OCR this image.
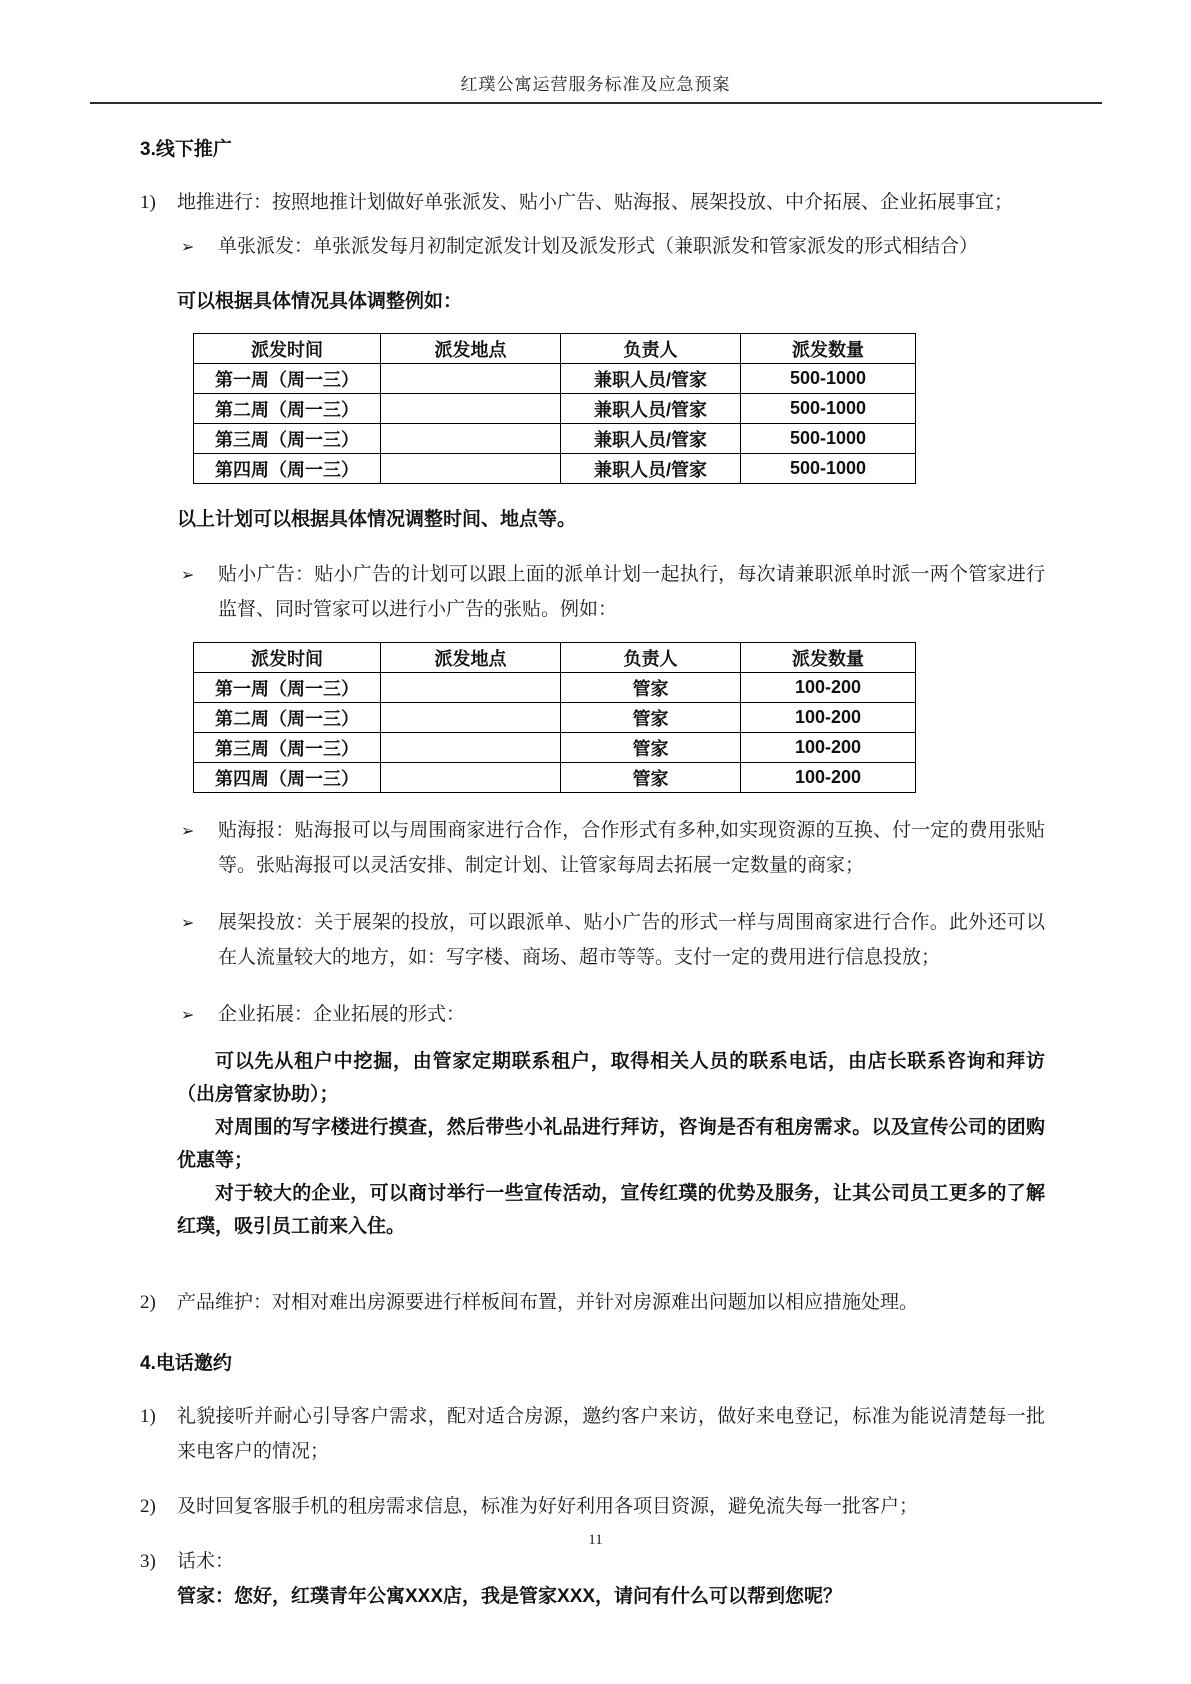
红璞公寓运营服务标准及应急预案
3.线下推广
1)	地推进行：按照地推计划做好单张派发、贴小广告、贴海报、展架投放、中介拓展、企业拓展事宜；
➢	单张派发：单张派发每月初制定派发计划及派发形式（兼职派发和管家派发的形式相结合）
可以根据具体情况具体调整例如：
派发时间	派发地点	负责人	派发数量
第一周（周一三）		兼职人员/管家	500-1000
第二周（周一三）		兼职人员/管家	500-1000
第三周（周一三）		兼职人员/管家	500-1000
第四周（周一三）		兼职人员/管家	500-1000
以上计划可以根据具体情况调整时间、地点等。
➢	贴小广告：贴小广告的计划可以跟上面的派单计划一起执行，每次请兼职派单时派一两个管家进行监督、同时管家可以进行小广告的张贴。例如：
派发时间	派发地点	负责人	派发数量
第一周（周一三）		管家	100-200
第二周（周一三）		管家	100-200
第三周（周一三）		管家	100-200
第四周（周一三）		管家	100-200
➢	贴海报：贴海报可以与周围商家进行合作，合作形式有多种,如实现资源的互换、付一定的费用张贴等。张贴海报可以灵活安排、制定计划、让管家每周去拓展一定数量的商家；
➢	展架投放：关于展架的投放，可以跟派单、贴小广告的形式一样与周围商家进行合作。此外还可以在人流量较大的地方，如：写字楼、商场、超市等等。支付一定的费用进行信息投放；
➢	企业拓展：企业拓展的形式：
可以先从租户中挖掘，由管家定期联系租户，取得相关人员的联系电话，由店长联系咨询和拜访（出房管家协助）；
对周围的写字楼进行摸查，然后带些小礼品进行拜访，咨询是否有租房需求。以及宣传公司的团购优惠等；
对于较大的企业，可以商讨举行一些宣传活动，宣传红璞的优势及服务，让其公司员工更多的了解红璞，吸引员工前来入住。
2)	产品维护：对相对难出房源要进行样板间布置，并针对房源难出问题加以相应措施处理。
4.电话邀约
1)	礼貌接听并耐心引导客户需求，配对适合房源，邀约客户来访，做好来电登记，标准为能说清楚每一批来电客户的情况；
2)	及时回复客服手机的租房需求信息，标准为好好利用各项目资源，避免流失每一批客户；
3)	话术：
管家：您好，红璞青年公寓XXX店，我是管家XXX，请问有什么可以帮到您呢？
11
